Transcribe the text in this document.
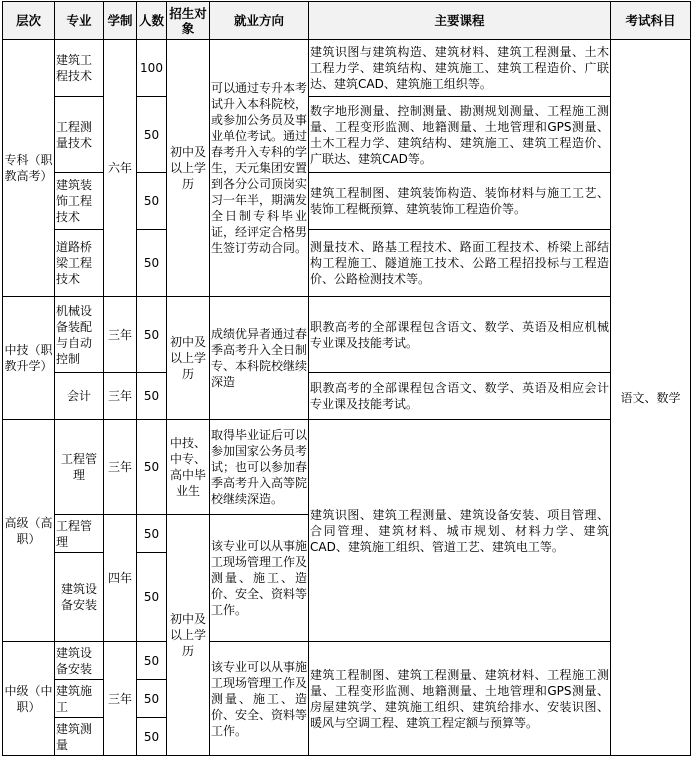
层次	专业	学制	人数	招生对象	就业方向	主要课程	考试科目
专科（职教高考）	建筑工程技术	六年	100	初中及以上学历	可以通过专升本考试升入本科院校，或参加公务员及事业单位考试。通过春考升入专科的学生，天元集团安置到各分公司顶岗实习一年半，期满发全日制专科毕业证，经评定合格男生签订劳动合同。	建筑识图与建筑构造、建筑材料、建筑工程测量、土木工程力学、建筑结构、建筑施工、建筑工程造价、广联达、建筑CAD、建筑施工组织等。	语文、数学
	工程测量技术		50			数字地形测量、控制测量、勘测规划测量、工程施工测量、工程变形监测、地籍测量、土地管理和GPS测量、土木工程力学、建筑结构、建筑施工、建筑工程造价、广联达、建筑CAD等。	
	建筑装饰工程技术		50			建筑工程制图、建筑装饰构造、装饰材料与施工工艺、装饰工程概预算、建筑装饰工程造价等。	
	道路桥梁工程技术		50			测量技术、路基工程技术、路面工程技术、桥梁上部结构工程施工、隧道施工技术、公路工程招投标与工程造价、公路检测技术等。	
中技（职教升学）	机械设备装配与自动控制	三年	50	初中及以上学历	成绩优异者通过春季高考升入全日制专、本科院校继续深造	职教高考的全部课程包含语文、数学、英语及相应机械专业课及技能考试。	
	会计	三年	50			职教高考的全部课程包含语文、数学、英语及相应会计专业课及技能考试。	
高级（高职）	工程管理	三年	50	中技、中专、高中毕业生	取得毕业证后可以参加国家公务员考试；也可以参加春季高考升入高等院校继续深造。	建筑识图、建筑工程测量、建筑设备安装、项目管理、合同管理、建筑材料、城市规划、材料力学、建筑CAD、建筑施工组织、管道工艺、建筑电工等。	
	工程管理	四年	50	初中及以上学历	该专业可以从事施工现场管理工作及测量、施工、造价、安全、资料等工作。		
	建筑设备安装		50				
中级（中职）	建筑设备安装	三年	50		该专业可以从事施工现场管理工作及测量、施工、造价、安全、资料等工作。	建筑工程制图、建筑工程测量、建筑材料、工程施工测量、工程变形监测、地籍测量、土地管理和GPS测量、房屋建筑学、建筑施工组织、建筑给排水、安装识图、暖风与空调工程、建筑工程定额与预算等。	
	建筑施工		50				
	建筑测量		50				
